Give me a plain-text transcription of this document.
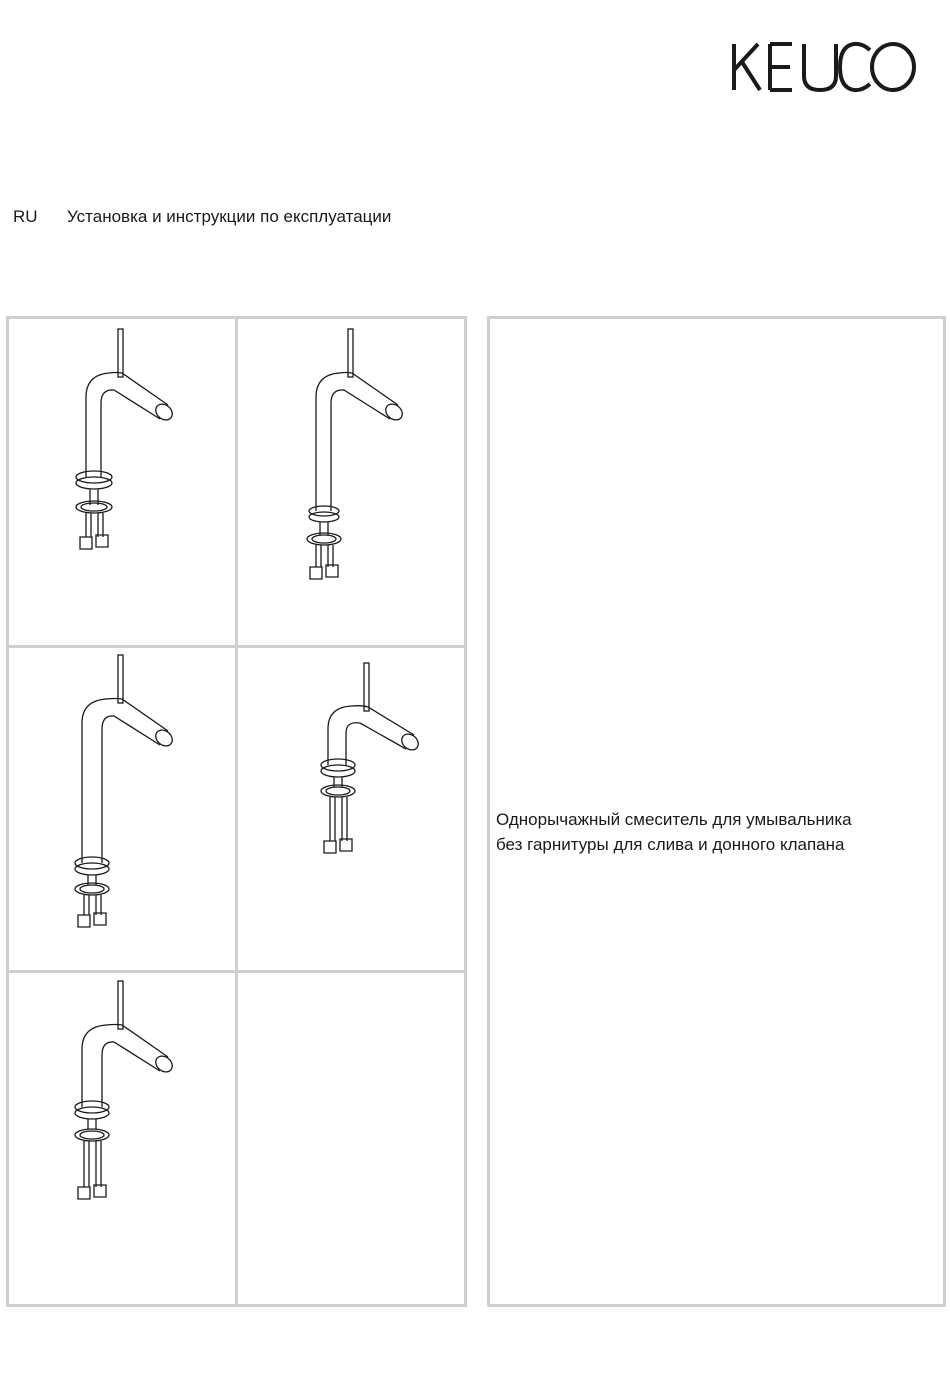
RU Установка и инструкции по експлуатации
Однорычажный смеситель для умывальника
без гарнитуры для слива и донного клапана
